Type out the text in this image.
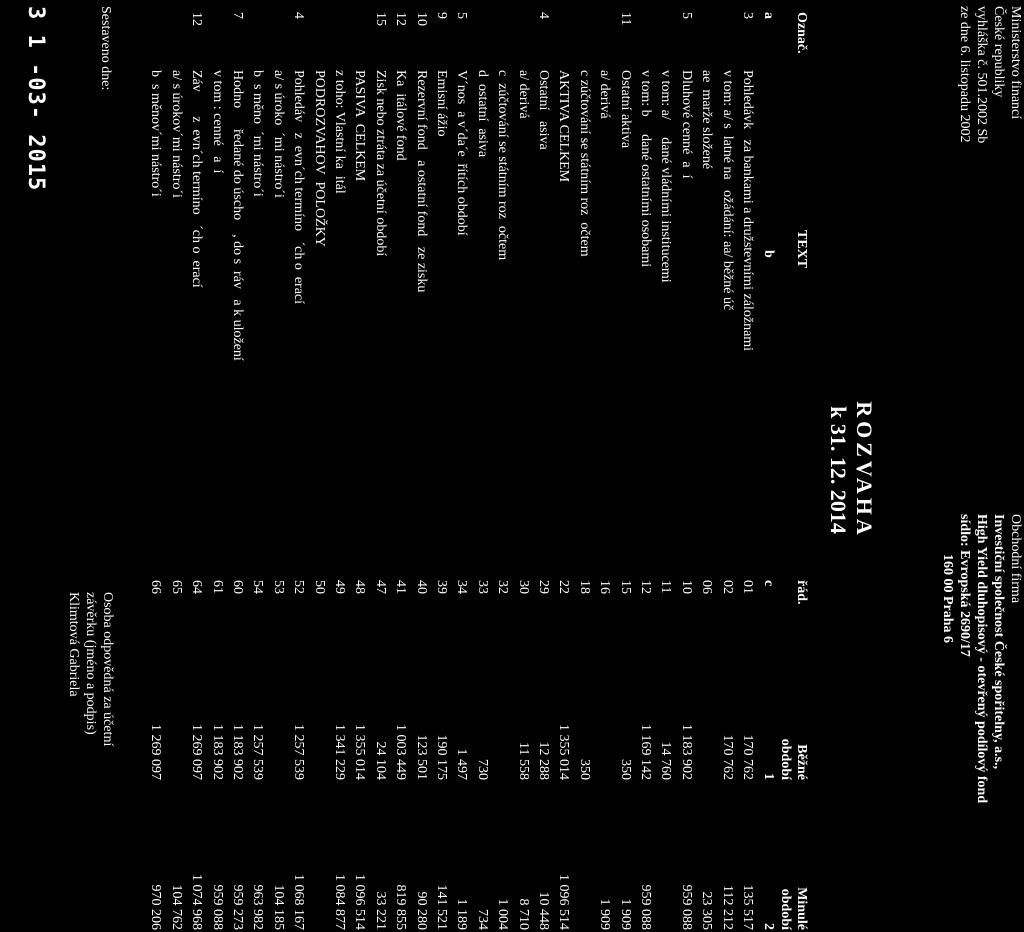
Ministerstvo financí
České republiky
vyhláška č. 501.2002 Sb
ze dne 6. listopadu 2002
Obchodní firma
Investiční společnost České spořitelny, a.s.,
High Yield dluhopisový - otevřený podílový fond
sídlo: Evropská 2690/17
160 00 Praha 6
ROZVAHA
k 31. 12. 2014
Označ.
TEXT
řád.
Běžné
Minulé
období
období
a
b
c
1
2
3
Pohledávk   za bankami a družstevními záložnami
01
170 762
135 517
v tom: a/ s  latné na   ožádání: aa/ běžné úč
02
170 762
112 212
ae  marže složené
06
23 305
5
Dluhové cenné  a  í
10
1 183 902
959 088
v tom: a/     dané vládními institucemi
11
14 760
v tom: b     dané ostatními osobami
12
1 169 142
959 088
11
Ostatní aktiva
15
350
1 909
a/ derivá
16
1 909
c zúčtování se státním roz  očtem
18
350
AKTIVA CELKEM
22
1 355 014
1 096 514
4
Ostatní   asiva
29
12 288
10 448
a/ derivá
30
11 558
8 710
c  zúčtování se státním roz  očtem
32
1 004
d  ostatní  asiva
33
730
734
5
V´nos  a v´da´e  řítích období
34
1 497
1 189
9
Emisní ážio
39
190 175
141 521
10
Rezervní fond   a ostatní fond   ze zisku
40
123 501
90 280
12
Ka  itálové fond
41
1 003 449
819 855
15
Zisk nebo ztráta za účetní období
47
24 104
33 221
PASIVA  CELKEM
48
1 355 014
1 096 514
z toho: Vlastní ka  itál
49
1 341 229
1 084 877
PODROZVAHOV  POLOŽKY
50
4
Pohledáv   z  evn´ch termíno   ´ch o  erací
52
1 257 539
1 068 167
a/ s úroko  ´mi nástro´i
53
104 185
b  s měno  ´mi nástro´i
54
1 257 539
963 982
7
Hodno      ředané do úscho    , do s  ráv   a k uložení
60
1 183 902
959 273
v tom : cenné   a  í
61
1 183 902
959 088
12
Záv       z  evn´ch termíno   ´ch o  erací
64
1 269 097
1 074 968
a/ s úrokov´mi nástro´i
65
104 762
b  s měnov´mi nástro´i
66
1 269 097
970 206
Sestaveno dne:
Osoba odpovědná za účetní
závěrku (jméno a podpis)
Klimtová Gabriela
3 1 -03- 2015
